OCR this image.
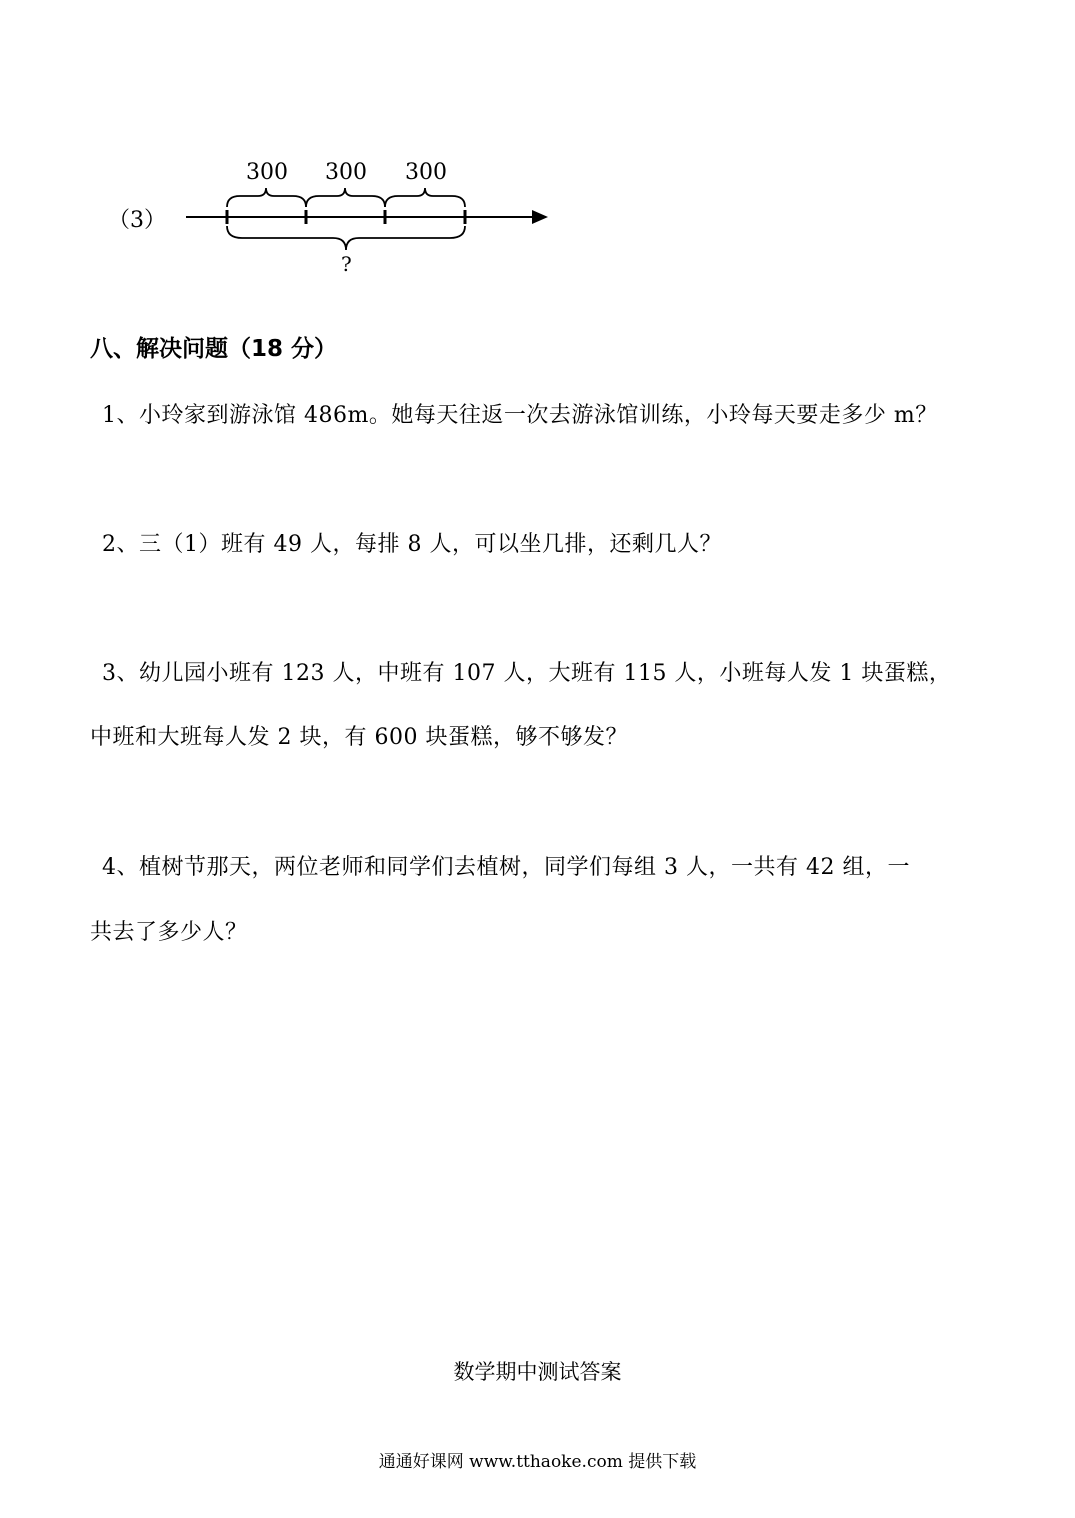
（3）
300 300 300
?
八、解决问题（18 分）
1、小玲家到游泳馆 486m。她每天往返一次去游泳馆训练，小玲每天要走多少 m？
2、三（1）班有 49 人，每排 8 人，可以坐几排，还剩几人？
3、幼儿园小班有 123 人，中班有 107 人，大班有 115 人，小班每人发 1 块蛋糕，
中班和大班每人发 2 块，有 600 块蛋糕，够不够发？
4、植树节那天，两位老师和同学们去植树，同学们每组 3 人，一共有 42 组，一
共去了多少人？
数学期中测试答案
通通好课网 www.tthaoke.com 提供下载
